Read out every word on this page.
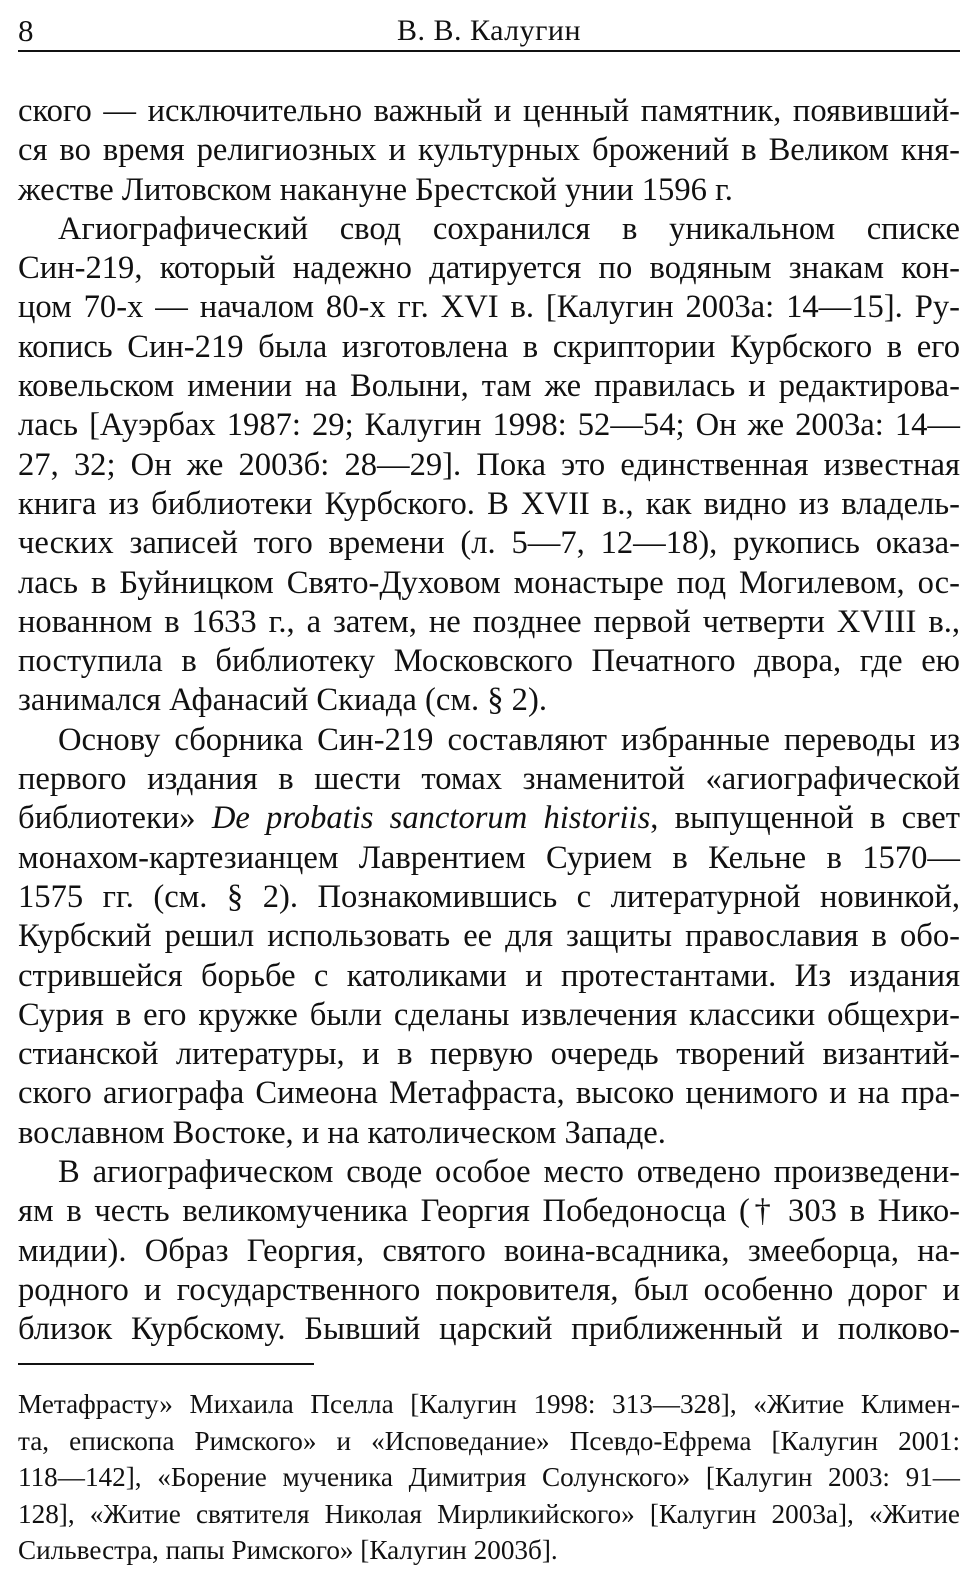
8	В. В. Калугин

ского — исключительно важный и ценный памятник, появивший-
ся во время религиозных и культурных брожений в Великом кня-
жестве Литовском накануне Брестской унии 1596 г.

Агиографический свод сохранился в уникальном списке
Син-219, который надежно датируется по водяным знакам кон-
цом 70-х — началом 80-х гг. XVI в. [Калугин 2003а: 14—15]. Ру-
копись Син-219 была изготовлена в скриптории Курбского в его
ковельском имении на Волыни, там же правилась и редактирова-
лась [Ауэрбах 1987: 29; Калугин 1998: 52—54; Он же 2003а: 14—
27, 32; Он же 2003б: 28—29]. Пока это единственная известная
книга из библиотеки Курбского. В XVII в., как видно из владель-
ческих записей того времени (л. 5—7, 12—18), рукопись оказа-
лась в Буйницком Свято-Духовом монастыре под Могилевом, ос-
нованном в 1633 г., а затем, не позднее первой четверти XVIII в.,
поступила в библиотеку Московского Печатного двора, где ею
занимался Афанасий Скиада (см. § 2).

Основу сборника Син-219 составляют избранные переводы из
первого издания в шести томах знаменитой «агиографической
библиотеки» De probatis sanctorum historiis, выпущенной в свет
монахом-картезианцем Лаврентием Сурием в Кельне в 1570—
1575 гг. (см. § 2). Познакомившись с литературной новинкой,
Курбский решил использовать ее для защиты православия в обо-
стрившейся борьбе с католиками и протестантами. Из издания
Сурия в его кружке были сделаны извлечения классики общехри-
стианской литературы, и в первую очередь творений византий-
ского агиографа Симеона Метафраста, высоко ценимого и на пра-
вославном Востоке, и на католическом Западе.

В агиографическом своде особое место отведено произведени-
ям в честь великомученика Георгия Победоносца († 303 в Нико-
мидии). Образ Георгия, святого воина-всадника, змееборца, на-
родного и государственного покровителя, был особенно дорог и
близок Курбскому. Бывший царский приближенный и полково-

Метафрасту» Михаила Пселла [Калугин 1998: 313—328], «Житие Климен-
та, епископа Римского» и «Исповедание» Псевдо-Ефрема [Калугин 2001:
118—142], «Борение мученика Димитрия Солунского» [Калугин 2003: 91—
128], «Житие святителя Николая Мирликийского» [Калугин 2003а], «Житие
Сильвестра, папы Римского» [Калугин 2003б].
